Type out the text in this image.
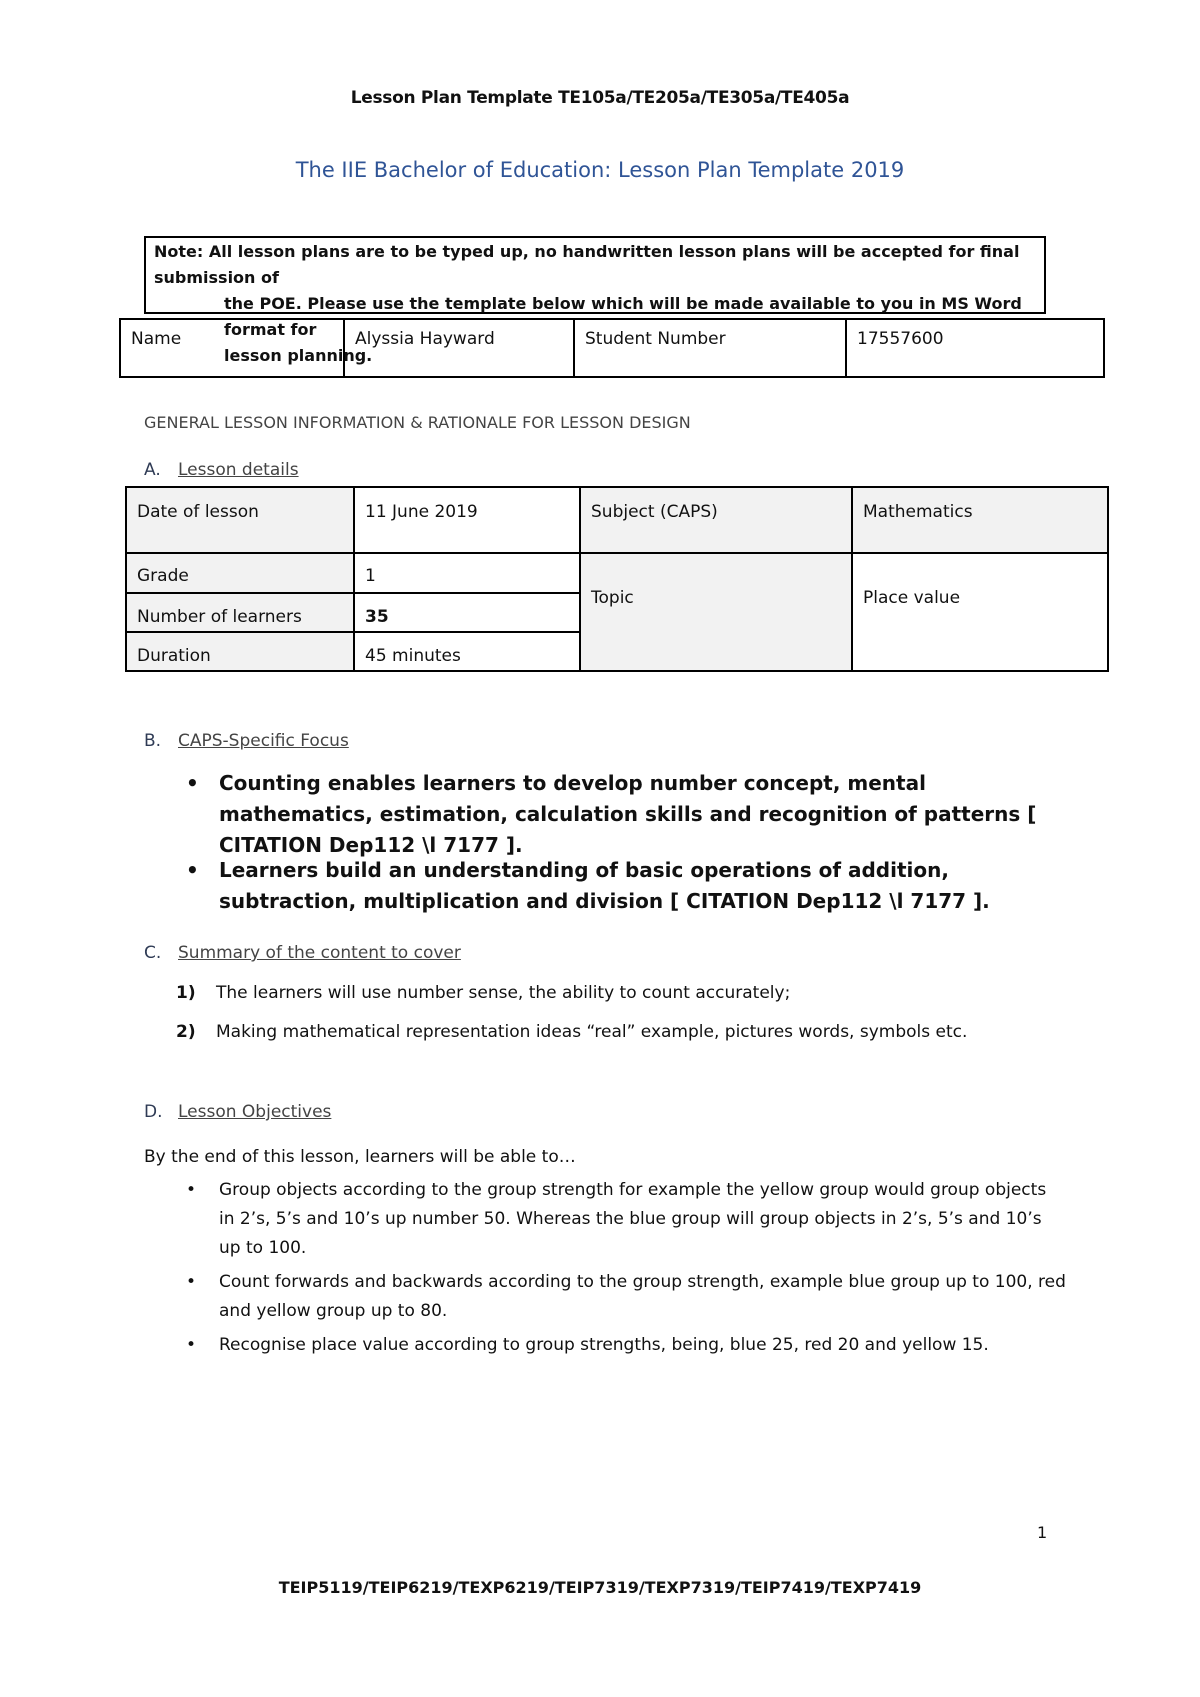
Lesson Plan Template TE105a/TE205a/TE305a/TE405a
The IIE Bachelor of Education: Lesson Plan Template 2019
Note: All lesson plans are to be typed up, no handwritten lesson plans will be accepted for final submission of
the POE. Please use the template below which will be made available to you in MS Word format for
lesson planning.
Name	Alyssia Hayward	Student Number	17557600
GENERAL LESSON INFORMATION & RATIONALE FOR LESSON DESIGN
A. Lesson details
Date of lesson	11 June 2019	Subject (CAPS)	Mathematics
Grade	1	Topic	Place value
Number of learners	35		
Duration	45 minutes		
B. CAPS-Specific Focus
• Counting enables learners to develop number concept, mental mathematics, estimation, calculation skills and recognition of patterns [ CITATION Dep112 \l 7177 ].
• Learners build an understanding of basic operations of addition, subtraction, multiplication and division [ CITATION Dep112 \l 7177 ].
C. Summary of the content to cover
1) The learners will use number sense, the ability to count accurately;
2) Making mathematical representation ideas “real” example, pictures words, symbols etc.
D. Lesson Objectives
By the end of this lesson, learners will be able to…
• Group objects according to the group strength for example the yellow group would group objects in 2’s, 5’s and 10’s up number 50. Whereas the blue group will group objects in 2’s, 5’s and 10’s up to 100.
• Count forwards and backwards according to the group strength, example blue group up to 100, red and yellow group up to 80.
• Recognise place value according to group strengths, being, blue 25, red 20 and yellow 15.
1
TEIP5119/TEIP6219/TEXP6219/TEIP7319/TEXP7319/TEIP7419/TEXP7419
